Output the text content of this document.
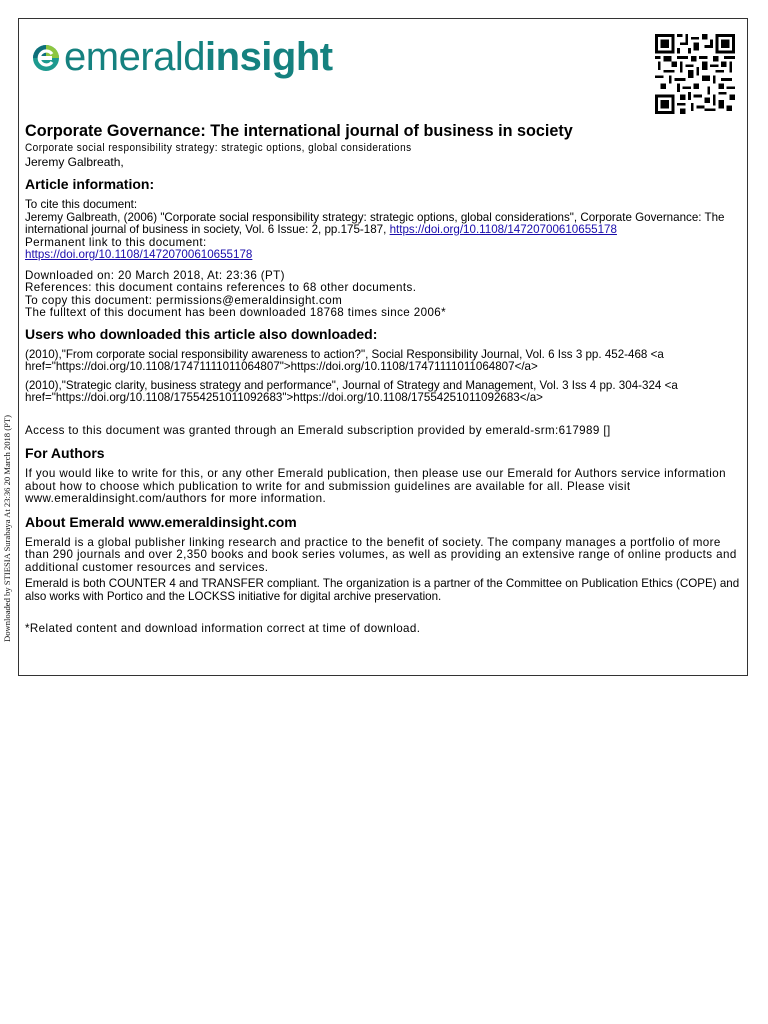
Downloaded by STIESIA Surabaya At 23:36 20 March 2018 (PT)
emeraldinsight
Corporate Governance: The international journal of business in society
Corporate social responsibility strategy: strategic options, global considerations
Jeremy Galbreath,
Article information:
To cite this document:
Jeremy Galbreath, (2006) "Corporate social responsibility strategy: strategic options, global considerations", Corporate Governance: The international journal of business in society, Vol. 6 Issue: 2, pp.175-187, https://doi.org/10.1108/14720700610655178
Permanent link to this document:
https://doi.org/10.1108/14720700610655178
Downloaded on: 20 March 2018, At: 23:36 (PT)
References: this document contains references to 68 other documents.
To copy this document: permissions@emeraldinsight.com
The fulltext of this document has been downloaded 18768 times since 2006*
Users who downloaded this article also downloaded:
(2010),"From corporate social responsibility awareness to action?", Social Responsibility Journal, Vol. 6 Iss 3 pp. 452-468 <a href="https://doi.org/10.1108/17471111011064807">https://doi.org/10.1108/17471111011064807</a>
(2010),"Strategic clarity, business strategy and performance", Journal of Strategy and Management, Vol. 3 Iss 4 pp. 304-324 <a href="https://doi.org/10.1108/17554251011092683">https://doi.org/10.1108/17554251011092683</a>
Access to this document was granted through an Emerald subscription provided by emerald-srm:617989 []
For Authors
If you would like to write for this, or any other Emerald publication, then please use our Emerald for Authors service information about how to choose which publication to write for and submission guidelines are available for all. Please visit www.emeraldinsight.com/authors for more information.
About Emerald www.emeraldinsight.com
Emerald is a global publisher linking research and practice to the benefit of society. The company manages a portfolio of more than 290 journals and over 2,350 books and book series volumes, as well as providing an extensive range of online products and additional customer resources and services.
Emerald is both COUNTER 4 and TRANSFER compliant. The organization is a partner of the Committee on Publication Ethics (COPE) and also works with Portico and the LOCKSS initiative for digital archive preservation.
*Related content and download information correct at time of download.
